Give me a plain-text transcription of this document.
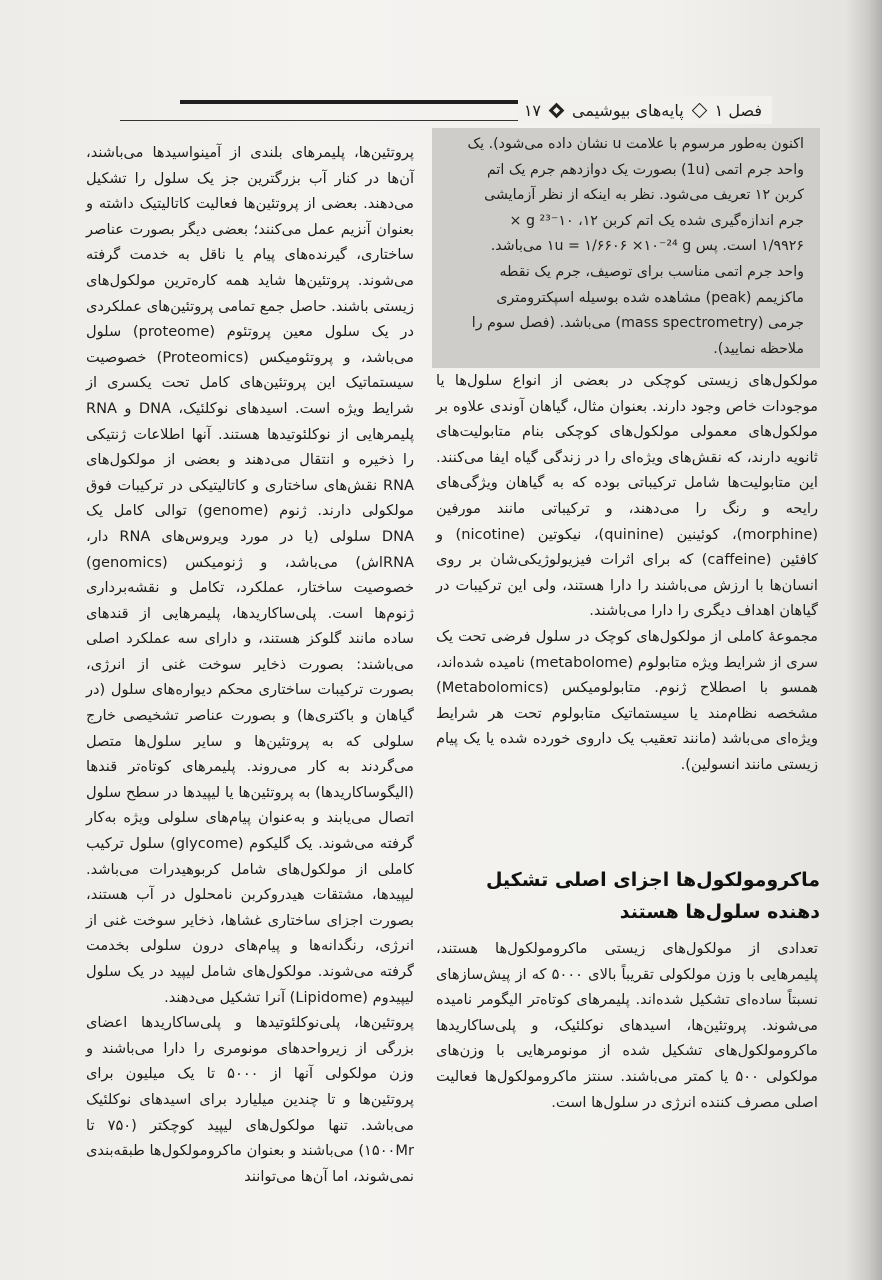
فصل ۱
پایه‌های بیوشیمی
۱۷
اکنون به‌طور مرسوم با علامت u نشان داده می‌شود). یک
واحد جرم اتمی (1u) بصورت یک دوازدهم جرم یک اتم
کربن ۱۲ تعریف می‌شود. نظر به اینکه از نظر آزمایشی
جرم اندازه‌گیری شده یک اتم کربن ۱۲، ۱۰⁻²³ g ×
۱/۹۹۲۶ است. پس ۱u = ۱/۶۶۰۶ ×۱۰⁻²⁴ g می‌باشد.
واحد جرم اتمی مناسب برای توصیف، جرم یک نقطه
ماکزیمم (peak) مشاهده شده بوسیله اسپکترومتری
جرمی (mass spectrometry) می‌باشد. (فصل سوم را
ملاحظه نمایید).

مولکول‌های زیستی کوچکی در بعضی از انواع سلول‌ها یا موجودات خاص وجود دارند. بعنوان مثال، گیاهان آوندی علاوه بر مولکول‌های معمولی مولکول‌های کوچکی بنام متابولیت‌های ثانویه دارند، که نقش‌های ویژه‌ای را در زندگی گیاه ایفا می‌کنند. این متابولیت‌ها شامل ترکیباتی بوده که به گیاهان ویژگی‌های رایحه و رنگ را می‌دهند، و ترکیباتی مانند مورفین (morphine)، کوئینین (quinine)، نیکوتین (nicotine) و کافئین (caffeine) که برای اثرات فیزیولوژیکی‌شان بر روی انسان‌ها با ارزش می‌باشند را دارا هستند، ولی این ترکیبات در گیاهان اهداف دیگری را دارا می‌باشند.

مجموعهٔ کاملی از مولکول‌های کوچک در سلول فرضی تحت یک سری از شرایط ویژه متابولوم (metabolome) نامیده شده‌اند، همسو با اصطلاح ژنوم. متابولومیکس (Metabolomics) مشخصه نظام‌مند یا سیستماتیک متابولوم تحت هر شرایط ویژه‌ای می‌باشد (مانند تعقیب یک داروی خورده شده یا یک پیام زیستی مانند انسولین).

ماکرومولکول‌ها اجزای اصلی تشکیل دهنده سلول‌ها هستند

تعدادی از مولکول‌های زیستی ماکرومولکول‌ها هستند، پلیمرهایی با وزن مولکولی تقریباً بالای ۵۰۰۰ که از پیش‌سازهای نسبتاً ساده‌ای تشکیل شده‌اند. پلیمرهای کوتاه‌تر الیگومر نامیده می‌شوند. پروتئین‌ها، اسیدهای نوکلئیک، و پلی‌ساکاریدها ماکرومولکول‌های تشکیل شده از مونومرهایی با وزن‌های مولکولی ۵۰۰ یا کمتر می‌باشند. سنتز ماکرومولکول‌ها فعالیت اصلی مصرف کننده انرژی در سلول‌ها است.

پروتئین‌ها، پلیمرهای بلندی از آمینواسیدها می‌باشند، آن‌ها در کنار آب بزرگترین جز یک سلول را تشکیل می‌دهند. بعضی از پروتئین‌ها فعالیت کاتالیتیک داشته و بعنوان آنزیم عمل می‌کنند؛ بعضی دیگر بصورت عناصر ساختاری، گیرنده‌های پیام یا ناقل به خدمت گرفته می‌شوند. پروتئین‌ها شاید همه کاره‌ترین مولکول‌های زیستی باشند. حاصل جمع تمامی پروتئین‌های عملکردی در یک سلول معین پروتئوم (proteome) سلول می‌باشد، و پروتئومیکس (Proteomics) خصوصیت سیستماتیک این پروتئین‌های کامل تحت یکسری از شرایط ویژه است. اسیدهای نوکلئیک، DNA و RNA پلیمرهایی از نوکلئوتیدها هستند. آنها اطلاعات ژنتیکی را ذخیره و انتقال می‌دهند و بعضی از مولکول‌های RNA نقش‌های ساختاری و کاتالیتیکی در ترکیبات فوق مولکولی دارند. ژنوم (genome) توالی کامل یک DNA سلولی (یا در مورد ویروس‌های RNA دار، RNAاش) می‌باشد، و ژنومیکس (genomics) خصوصیت ساختار، عملکرد، تکامل و نقشه‌برداری ژنوم‌ها است. پلی‌ساکاریدها، پلیمرهایی از قندهای ساده مانند گلوکز هستند، و دارای سه عملکرد اصلی می‌باشند: بصورت ذخایر سوخت غنی از انرژی، بصورت ترکیبات ساختاری محکم دیواره‌های سلول (در گیاهان و باکتری‌ها) و بصورت عناصر تشخیصی خارج سلولی که به پروتئین‌ها و سایر سلول‌ها متصل می‌گردند به کار می‌روند. پلیمرهای کوتاه‌تر قندها (الیگوساکاریدها) به پروتئین‌ها یا لیپیدها در سطح سلول اتصال می‌یابند و به‌عنوان پیام‌های سلولی ویژه به‌کار گرفته می‌شوند. یک گلیکوم (glycome) سلول ترکیب کاملی از مولکول‌های شامل کربوهیدرات می‌باشد. لیپیدها، مشتقات هیدروکربن نامحلول در آب هستند، بصورت اجزای ساختاری غشاها، ذخایر سوخت غنی از انرژی، رنگدانه‌ها و پیام‌های درون سلولی بخدمت گرفته می‌شوند. مولکول‌های شامل لیپید در یک سلول لیپیدوم (Lipidome) آنرا تشکیل می‌دهند.

پروتئین‌ها، پلی‌نوکلئوتیدها و پلی‌ساکاریدها اعضای بزرگی از زیرواحدهای مونومری را دارا می‌باشند و وزن مولکولی آنها از ۵۰۰۰ تا یک میلیون برای پروتئین‌ها و تا چندین میلیارد برای اسیدهای نوکلئیک می‌باشد. تنها مولکول‌های لیپید کوچکتر (۷۵۰ تا ۱۵۰۰Mr) می‌باشند و بعنوان ماکرومولکول‌ها طبقه‌بندی نمی‌شوند، اما آن‌ها می‌توانند
